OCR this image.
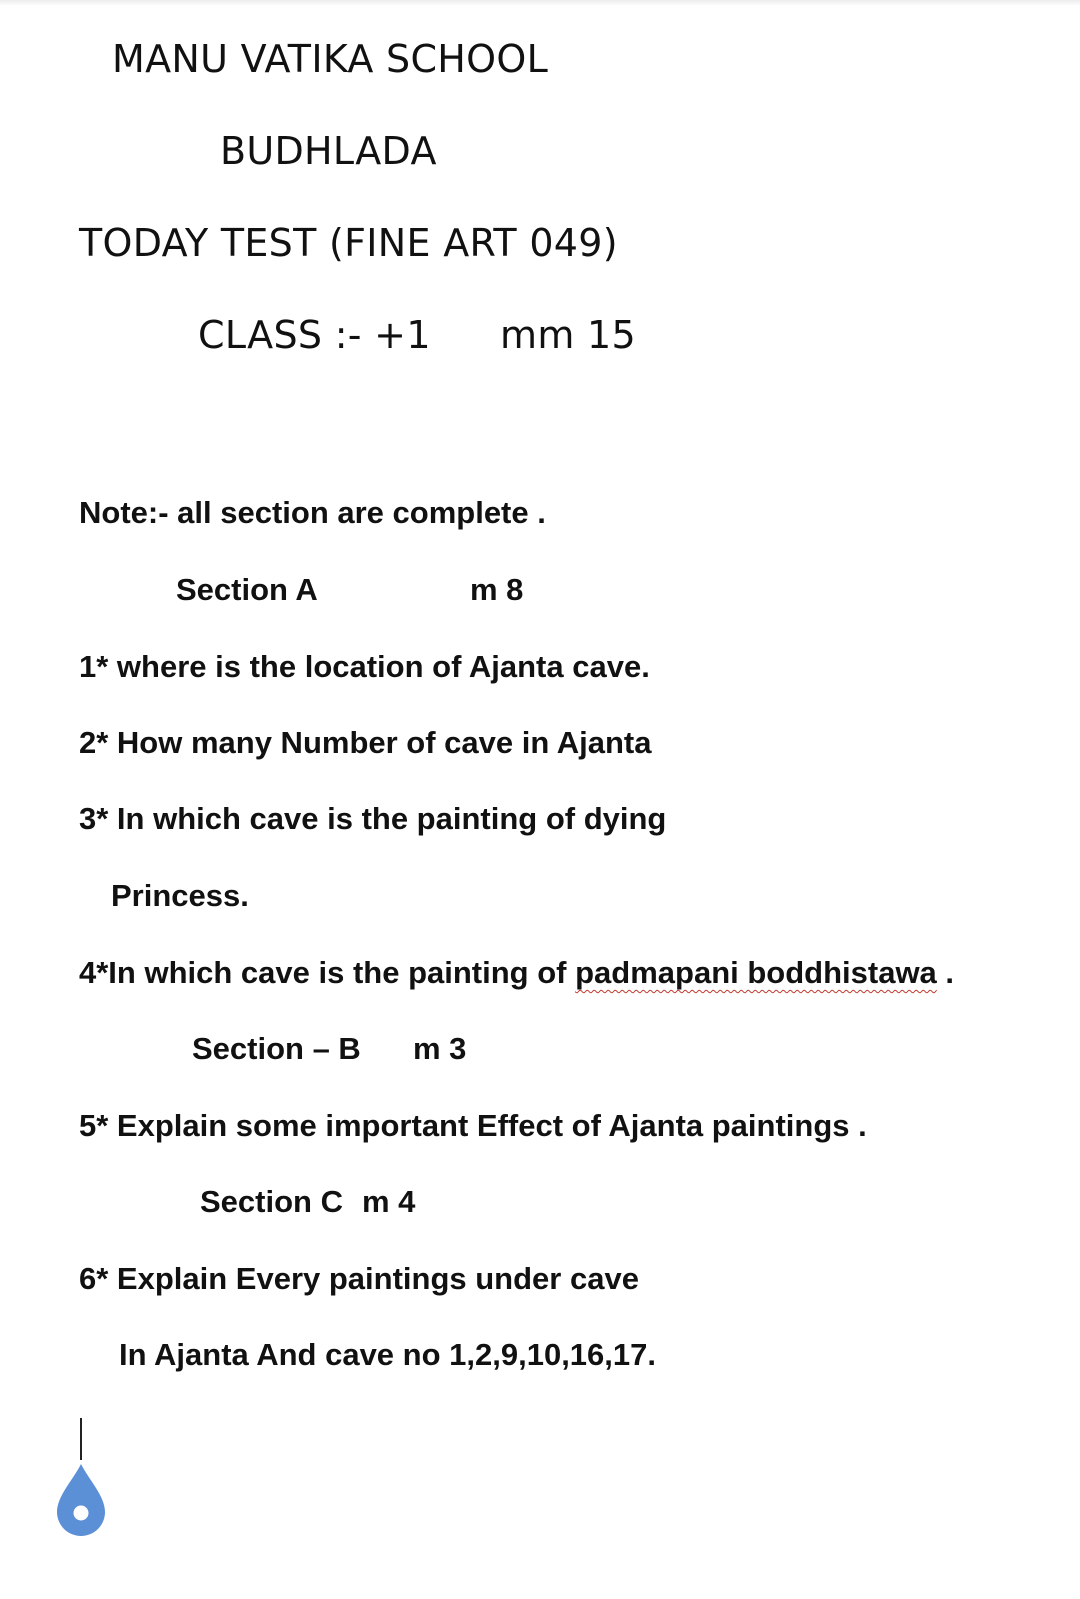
MANU VATIKA SCHOOL
BUDHLADA
TODAY TEST (FINE ART 049)
CLASS :- +1 mm 15
Note:- all section are complete .
Section A	m 8
1* where is the location of Ajanta cave.
2* How many Number of cave in Ajanta
3* In which cave is the painting of dying
Princess.
4*In which cave is the painting of padmapani boddhistawa .
Section – B m 3
5* Explain some important Effect of Ajanta paintings .
Section C m 4
6* Explain Every paintings under cave
In Ajanta And cave no 1,2,9,10,16,17.
